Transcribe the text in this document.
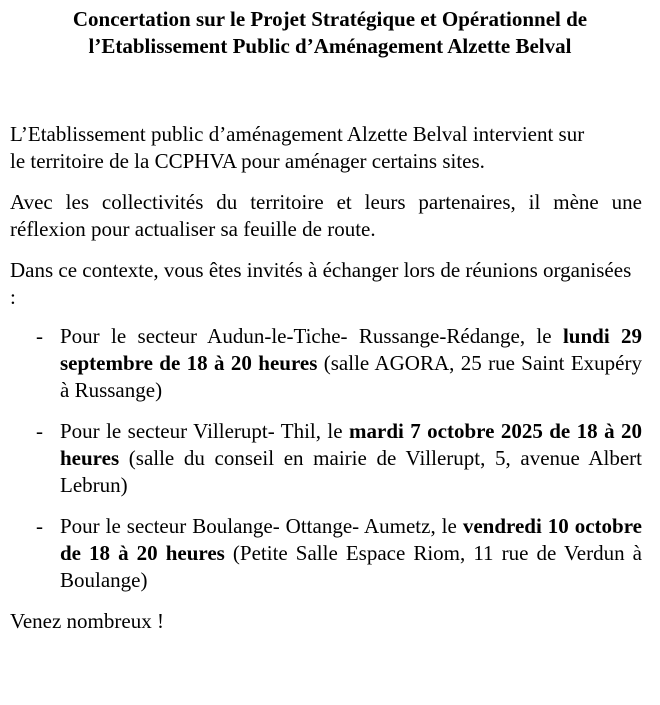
Concertation sur le Projet Stratégique et Opérationnel de
l’Etablissement Public d’Aménagement Alzette Belval

L’Etablissement public d’aménagement Alzette Belval intervient sur le territoire de la CCPHVA pour aménager certains sites.

Avec les collectivités du territoire et leurs partenaires, il mène une réflexion pour actualiser sa feuille de route.

Dans ce contexte, vous êtes invités à échanger lors de réunions organisées :

- Pour le secteur Audun-le-Tiche- Russange-Rédange, le lundi 29 septembre de 18 à 20 heures (salle AGORA, 25 rue Saint Exupéry à Russange)
- Pour le secteur Villerupt- Thil, le mardi 7 octobre 2025 de 18 à 20 heures (salle du conseil en mairie de Villerupt, 5, avenue Albert Lebrun)
- Pour le secteur Boulange- Ottange- Aumetz, le vendredi 10 octobre de 18 à 20 heures (Petite Salle Espace Riom, 11 rue de Verdun à Boulange)

Venez nombreux !
